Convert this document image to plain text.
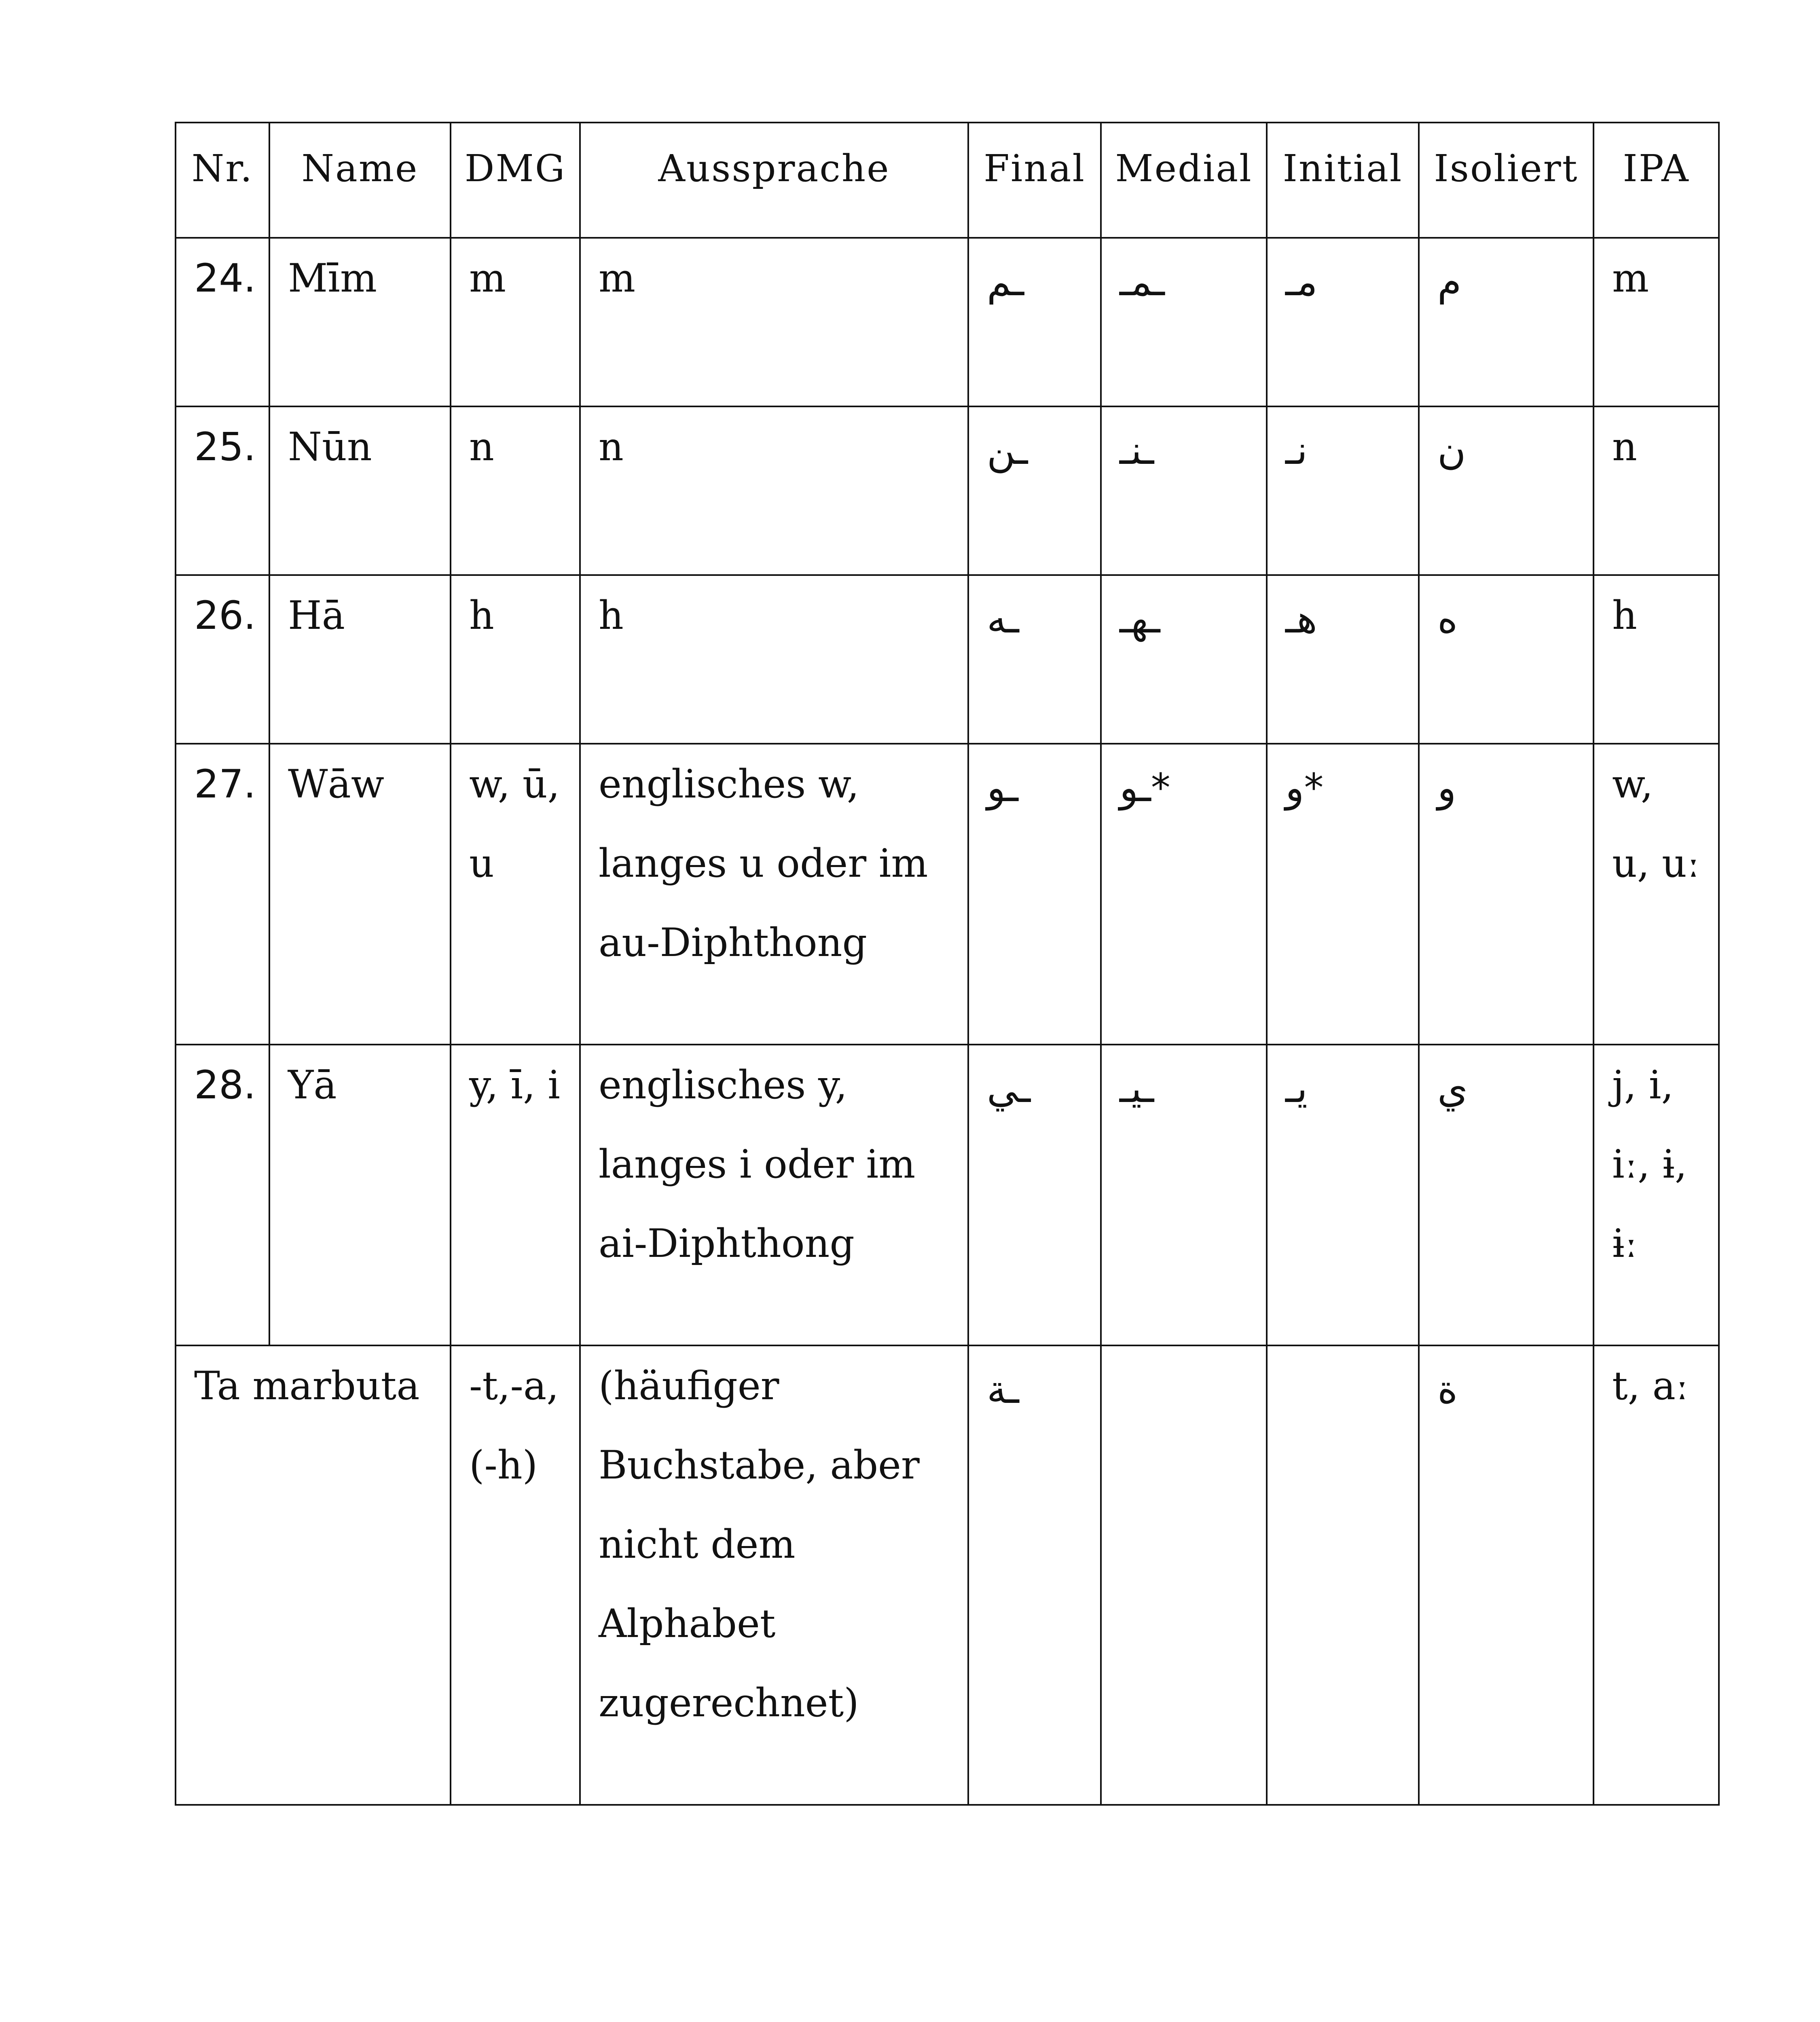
Nr.	Name	DMG	Aussprache	Final	Medial	Initial	Isoliert	IPA
24.	Mīm	m	m	ـم	ـمـ	مـ	م	m
25.	Nūn	n	n	ـن	ـنـ	نـ	ن	n
26.	Hā	h	h	ـه	ـهـ	هـ	ه	h
27.	Wāw	w, ū, u	englisches w, langes u oder im au-Diphthong	ـو	ـو*	و*	و	w, u, uː
28.	Yā	y, ī, i	englisches y, langes i oder im ai-Diphthong	ـي	ـيـ	يـ	ي	j, i, iː, ɨ, ɨː
Ta marbuta		-t,-a, (-h)	(häufiger Buchstabe, aber nicht dem Alphabet zugerechnet)	ـة			ة	t, aː
